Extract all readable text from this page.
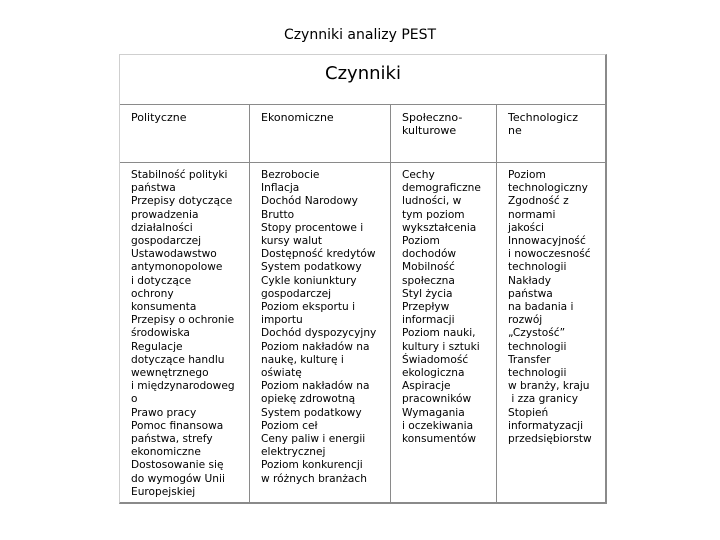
Czynniki analizy PEST
Czynniki
Polityczne
Stabilność polityki
państwa
Przepisy dotyczące
prowadzenia
działalności
gospodarczej
Ustawodawstwo
antymonopolowe
i dotyczące
ochrony
konsumenta
Przepisy o ochronie
środowiska
Regulacje
dotyczące handlu
wewnętrznego
i międzynarodoweg
o
Prawo pracy
Pomoc finansowa
państwa, strefy
ekonomiczne
Dostosowanie się
do wymogów Unii
Europejskiej
Ekonomiczne
Bezrobocie
Inflacja
Dochód Narodowy
Brutto
Stopy procentowe i
kursy walut
Dostępność kredytów
System podatkowy
Cykle koniunktury
gospodarczej
Poziom eksportu i
importu
Dochód dyspozycyjny
Poziom nakładów na
naukę, kulturę i
oświatę
Poziom nakładów na
opiekę zdrowotną
System podatkowy
Poziom ceł
Ceny paliw i energii
elektrycznej
Poziom konkurencji
w różnych branżach
Społeczno-
kulturowe
Cechy
demograficzne
ludności, w
tym poziom
wykształcenia
Poziom
dochodów
Mobilność
społeczna
Styl życia
Przepływ
informacji
Poziom nauki,
kultury i sztuki
Świadomość
ekologiczna
Aspiracje
pracowników
Wymagania
i oczekiwania
konsumentów
Technologicz
ne
Poziom
technologiczny
Zgodność z
normami
jakości
Innowacyjność
i nowoczesność
technologii
Nakłady
państwa
na badania i
rozwój
„Czystość”
technologii
Transfer
technologii
w branży, kraju
i zza granicy
Stopień
informatyzacji
przedsiębiorstw
